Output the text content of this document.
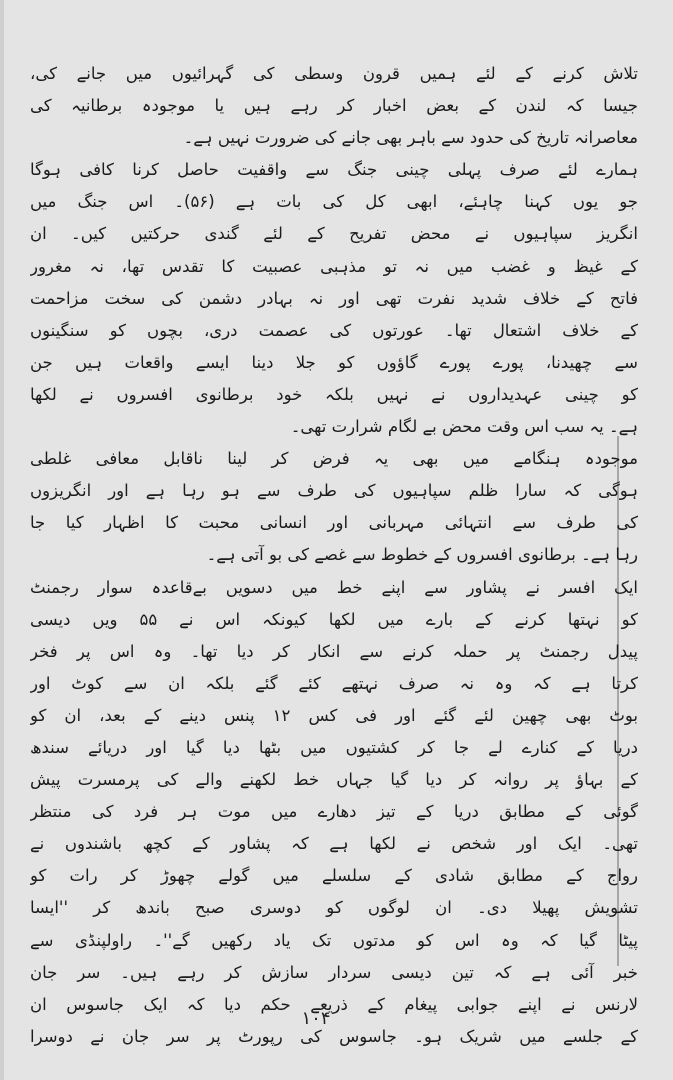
تلاش کرنے کے لئے ہمیں قرون وسطی کی گہرائیوں میں جانے کی،
جیسا کہ لندن کے بعض اخبار کر رہے ہیں یا موجودہ برطانیہ کی
معاصرانہ تاریخ کی حدود سے باہر بھی جانے کی ضرورت نہیں ہے۔
ہمارے لئے صرف پہلی چینی جنگ سے واقفیت حاصل کرنا کافی ہوگا
جو یوں کہنا چاہئے، ابھی کل کی بات ہے (۵۶)۔ اس جنگ میں
انگریز سپاہیوں نے محض تفریح کے لئے گندی حرکتیں کیں۔ ان
کے غیظ و غضب میں نہ تو مذہبی عصبیت کا تقدس تھا، نہ مغرور
فاتح کے خلاف شدید نفرت تھی اور نہ بہادر دشمن کی سخت مزاحمت
کے خلاف اشتعال تھا۔ عورتوں کی عصمت دری، بچوں کو سنگینوں
سے چھیدنا، پورے پورے گاؤوں کو جلا دینا ایسے واقعات ہیں جن
کو چینی عہدیداروں نے نہیں بلکہ خود برطانوی افسروں نے لکھا
ہے۔ یہ سب اس وقت محض بے لگام شرارت تھی۔
موجودہ ہنگامے میں بھی یہ فرض کر لینا ناقابل معافی غلطی
ہوگی کہ سارا ظلم سپاہیوں کی طرف سے ہو رہا ہے اور انگریزوں
کی طرف سے انتہائی مہربانی اور انسانی محبت کا اظہار کیا جا
رہا ہے۔ برطانوی افسروں کے خطوط سے غصے کی بو آتی ہے۔
ایک افسر نے پشاور سے اپنے خط میں دسویں بےقاعدہ سوار رجمنٹ
کو نہتھا کرنے کے بارے میں لکھا کیونکہ اس نے ۵۵ ویں دیسی
پیدل رجمنٹ پر حملہ کرنے سے انکار کر دیا تھا۔ وہ اس پر فخر
کرتا ہے کہ وہ نہ صرف نہتھے کئے گئے بلکہ ان سے کوٹ اور
بوٹ بھی چھین لئے گئے اور فی کس ۱۲ پنس دینے کے بعد، ان کو
دریا کے کنارے لے جا کر کشتیوں میں بٹھا دیا گیا اور دریائے سندھ
کے بہاؤ پر روانہ کر دیا گیا جہاں خط لکھنے والے کی پرمسرت پیش
گوئی کے مطابق دریا کے تیز دھارے میں موت ہر فرد کی منتظر
تھی۔ ایک اور شخص نے لکھا ہے کہ پشاور کے کچھ باشندوں نے
رواج کے مطابق شادی کے سلسلے میں گولے چھوڑ کر رات کو
تشویش پھیلا دی۔ ان لوگوں کو دوسری صبح باندھ کر ''ایسا
پیٹا گیا کہ وہ اس کو مدتوں تک یاد رکھیں گے''۔ راولپنڈی سے
خبر آئی ہے کہ تین دیسی سردار سازش کر رہے ہیں۔ سر جان
لارنس نے اپنے جوابی پیغام کے ذریعے حکم دیا کہ ایک جاسوس ان
کے جلسے میں شریک ہو۔ جاسوس کی رپورٹ پر سر جان نے دوسرا
۱۰۴
